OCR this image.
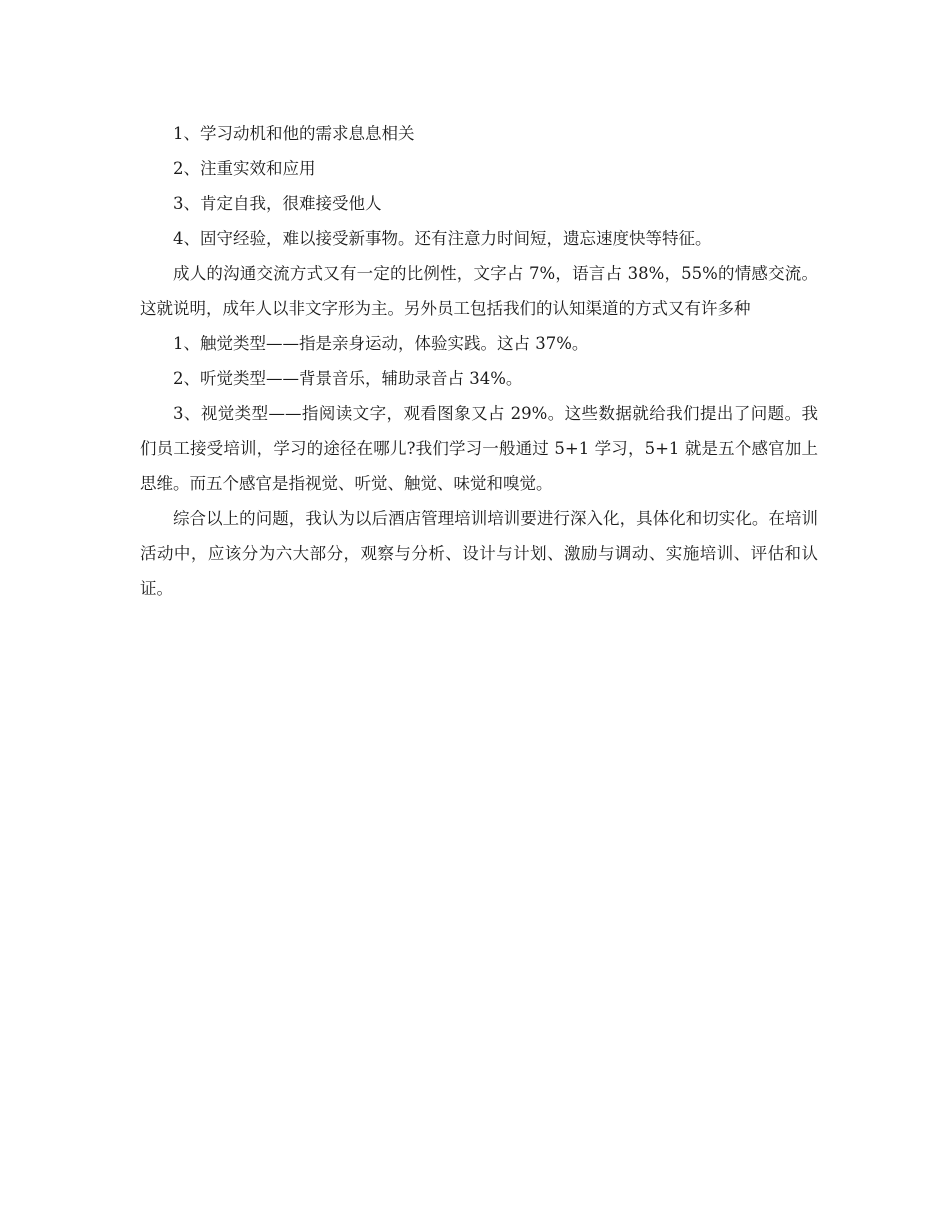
1、学习动机和他的需求息息相关

2、注重实效和应用

3、肯定自我，很难接受他人

4、固守经验，难以接受新事物。还有注意力时间短，遗忘速度快等特征。

成人的沟通交流方式又有一定的比例性，文字占 7%，语言占 38%，55%的情感交流。这就说明，成年人以非文字形为主。另外员工包括我们的认知渠道的方式又有许多种

1、触觉类型——指是亲身运动，体验实践。这占 37%。

2、听觉类型——背景音乐，辅助录音占 34%。

3、视觉类型——指阅读文字，观看图象又占 29%。这些数据就给我们提出了问题。我们员工接受培训，学习的途径在哪儿?我们学习一般通过 5+1 学习，5+1 就是五个感官加上思维。而五个感官是指视觉、听觉、触觉、味觉和嗅觉。

综合以上的问题，我认为以后酒店管理培训培训要进行深入化，具体化和切实化。在培训活动中，应该分为六大部分，观察与分析、设计与计划、激励与调动、实施培训、评估和认证。
